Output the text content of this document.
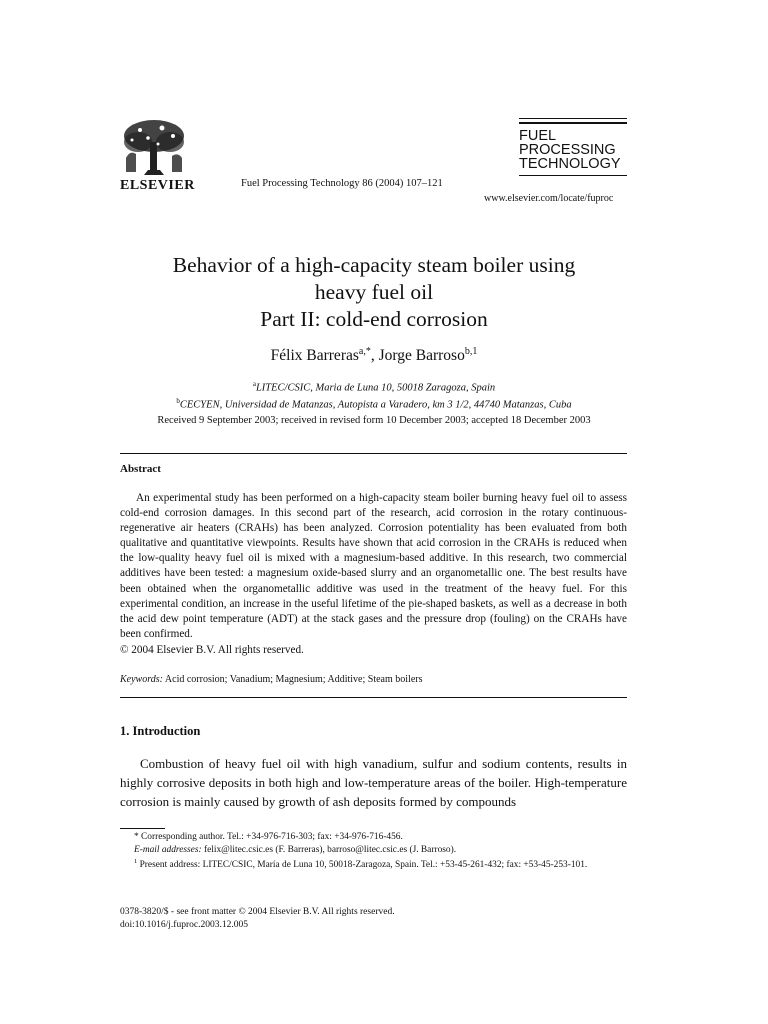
ELSEVIER	Fuel Processing Technology 86 (2004) 107–121
FUEL
PROCESSING
TECHNOLOGY
www.elsevier.com/locate/fuproc
Behavior of a high-capacity steam boiler using
heavy fuel oil
Part II: cold-end corrosion
Félix Barreras$^{a,*}$, Jorge Barroso$^{b,1}$
$^a$LITEC/CSIC, Maria de Luna 10, 50018 Zaragoza, Spain
$^b$CECYEN, Universidad de Matanzas, Autopista a Varadero, km 3 1/2, 44740 Matanzas, Cuba
Received 9 September 2003; received in revised form 10 December 2003; accepted 18 December 2003
Abstract

An experimental study has been performed on a high-capacity steam boiler burning heavy fuel oil to assess cold-end corrosion damages. In this second part of the research, acid corrosion in the rotary continuous-regenerative air heaters (CRAHs) has been analyzed. Corrosion potentiality has been evaluated from both qualitative and quantitative viewpoints. Results have shown that acid corrosion in the CRAHs is reduced when the low-quality heavy fuel oil is mixed with a magnesium-based additive. In this research, two commercial additives have been tested: a magnesium oxide-based slurry and an organometallic one. The best results have been obtained when the organometallic additive was used in the treatment of the heavy fuel. For this experimental condition, an increase in the useful lifetime of the pie-shaped baskets, as well as a decrease in both the acid dew point temperature (ADT) at the stack gases and the pressure drop (fouling) on the CRAHs have been confirmed.

© 2004 Elsevier B.V. All rights reserved.
Keywords: Acid corrosion; Vanadium; Magnesium; Additive; Steam boilers
1. Introduction

Combustion of heavy fuel oil with high vanadium, sulfur and sodium contents, results in highly corrosive deposits in both high and low-temperature areas of the boiler. High-temperature corrosion is mainly caused by growth of ash deposits formed by compounds

* Corresponding author. Tel.: +34-976-716-303; fax: +34-976-716-456.
E-mail addresses: felix@litec.csic.es (F. Barreras), barroso@litec.csic.es (J. Barroso).
$^1$ Present address: LITEC/CSIC, María de Luna 10, 50018-Zaragoza, Spain. Tel.: +53-45-261-432; fax: +53-45-253-101.
0378-3820/$ - see front matter © 2004 Elsevier B.V. All rights reserved.
doi:10.1016/j.fuproc.2003.12.005
